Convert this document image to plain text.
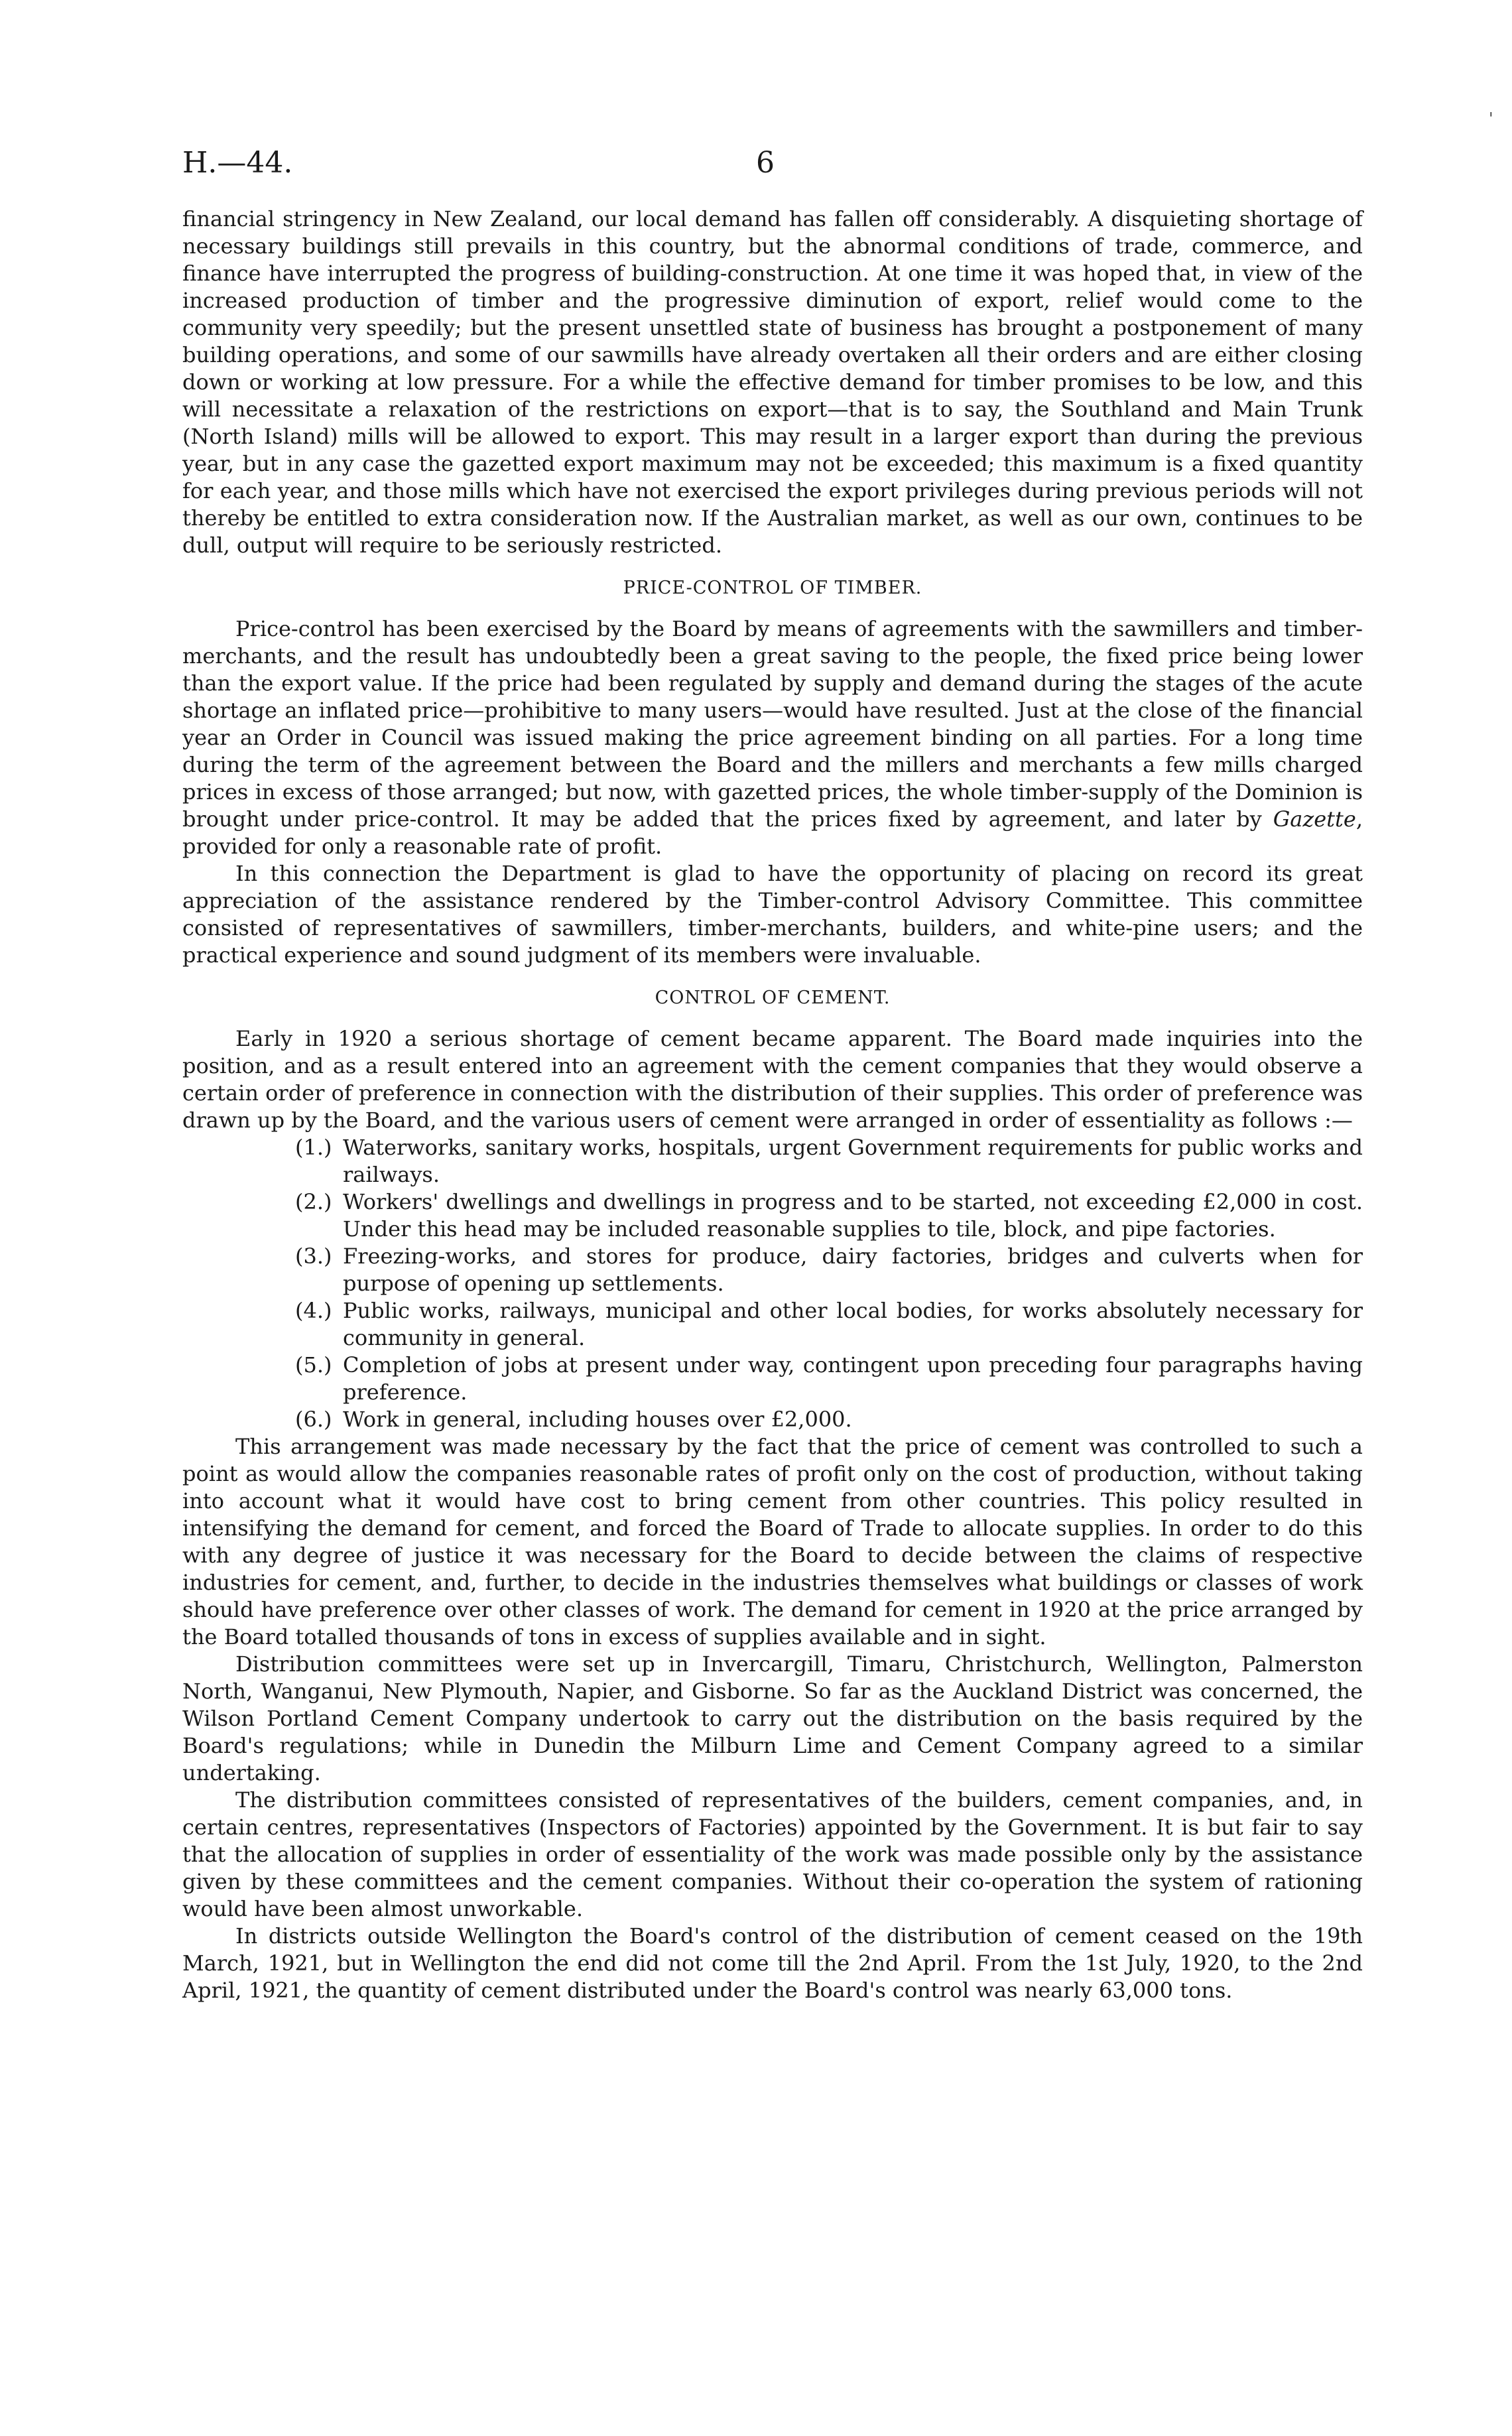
'
H.—44.	6

financial stringency in New Zealand, our local demand has fallen off considerably. A disquieting shortage of necessary buildings still prevails in this country, but the abnormal conditions of trade, commerce, and finance have interrupted the progress of building-construction. At one time it was hoped that, in view of the increased production of timber and the progressive diminution of export, relief would come to the community very speedily; but the present unsettled state of business has brought a postponement of many building operations, and some of our sawmills have already overtaken all their orders and are either closing down or working at low pressure. For a while the effective demand for timber promises to be low, and this will necessitate a relaxation of the restrictions on export—that is to say, the Southland and Main Trunk (North Island) mills will be allowed to export. This may result in a larger export than during the previous year, but in any case the gazetted export maximum may not be exceeded; this maximum is a fixed quantity for each year, and those mills which have not exercised the export privileges during previous periods will not thereby be entitled to extra consideration now. If the Australian market, as well as our own, continues to be dull, output will require to be seriously restricted.

PRICE-CONTROL OF TIMBER.

Price-control has been exercised by the Board by means of agreements with the sawmillers and timber-merchants, and the result has undoubtedly been a great saving to the people, the fixed price being lower than the export value. If the price had been regulated by supply and demand during the stages of the acute shortage an inflated price—prohibitive to many users—would have resulted. Just at the close of the financial year an Order in Council was issued making the price agreement binding on all parties. For a long time during the term of the agreement between the Board and the millers and merchants a few mills charged prices in excess of those arranged; but now, with gazetted prices, the whole timber-supply of the Dominion is brought under price-control. It may be added that the prices fixed by agreement, and later by Gazette, provided for only a reasonable rate of profit.

In this connection the Department is glad to have the opportunity of placing on record its great appreciation of the assistance rendered by the Timber-control Advisory Committee. This committee consisted of representatives of sawmillers, timber-merchants, builders, and white-pine users; and the practical experience and sound judgment of its members were invaluable.

CONTROL OF CEMENT.

Early in 1920 a serious shortage of cement became apparent. The Board made inquiries into the position, and as a result entered into an agreement with the cement companies that they would observe a certain order of preference in connection with the distribution of their supplies. This order of preference was drawn up by the Board, and the various users of cement were arranged in order of essentiality as follows :—

(1.) Waterworks, sanitary works, hospitals, urgent Government requirements for public works and railways.
(2.) Workers' dwellings and dwellings in progress and to be started, not exceeding £2,000 in cost. Under this head may be included reasonable supplies to tile, block, and pipe factories.
(3.) Freezing-works, and stores for produce, dairy factories, bridges and culverts when for purpose of opening up settlements.
(4.) Public works, railways, municipal and other local bodies, for works absolutely necessary for community in general.
(5.) Completion of jobs at present under way, contingent upon preceding four paragraphs having preference.
(6.) Work in general, including houses over £2,000.

This arrangement was made necessary by the fact that the price of cement was controlled to such a point as would allow the companies reasonable rates of profit only on the cost of production, without taking into account what it would have cost to bring cement from other countries. This policy resulted in intensifying the demand for cement, and forced the Board of Trade to allocate supplies. In order to do this with any degree of justice it was necessary for the Board to decide between the claims of respective industries for cement, and, further, to decide in the industries themselves what buildings or classes of work should have preference over other classes of work. The demand for cement in 1920 at the price arranged by the Board totalled thousands of tons in excess of supplies available and in sight.

Distribution committees were set up in Invercargill, Timaru, Christchurch, Wellington, Palmerston North, Wanganui, New Plymouth, Napier, and Gisborne. So far as the Auckland District was concerned, the Wilson Portland Cement Company undertook to carry out the distribution on the basis required by the Board's regulations; while in Dunedin the Milburn Lime and Cement Company agreed to a similar undertaking.

The distribution committees consisted of representatives of the builders, cement companies, and, in certain centres, representatives (Inspectors of Factories) appointed by the Government. It is but fair to say that the allocation of supplies in order of essentiality of the work was made possible only by the assistance given by these committees and the cement companies. Without their co-operation the system of rationing would have been almost unworkable.

In districts outside Wellington the Board's control of the distribution of cement ceased on the 19th March, 1921, but in Wellington the end did not come till the 2nd April. From the 1st July, 1920, to the 2nd April, 1921, the quantity of cement distributed under the Board's control was nearly 63,000 tons.
